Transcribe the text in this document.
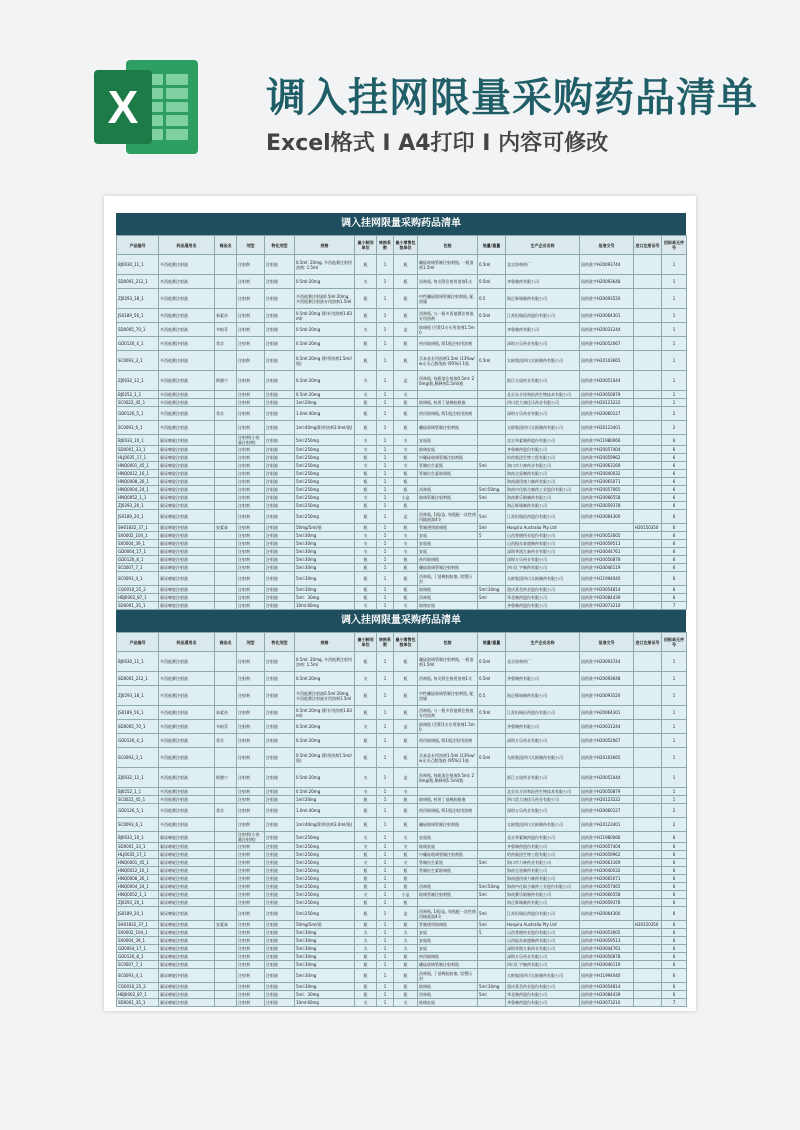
X	调入挂网限量采购药品清单
Excel格式 I A4打印 I 内容可修改
调入挂网限量采购药品清单
产品编号	药品通用名	商品名	剂型	物化剂型	规格	最小制剂单位	转换系数	最小零售包装单位	包装	装量/重量	生产企业名称	批准文号	进口注册证号	招标单元序号
BJ0030_11_1	多西他赛注射液		注射剂	注射液	0.5ml: 20mg, 多西他赛注射用溶剂: 1.5ml	瓶	1	瓶	硼硅玻璃管制注射剂瓶, 一瓶溶剂1.5ml	0.5ml	北京协和药厂	国药准字H20093744		1
SD0001_212_1	多西他赛注射液		注射剂	注射液	0.5ml:20mg	支	1	瓶	西林瓶, 每支附注射用溶剂1支	0.5ml	齐鲁制药有限公司	国药准字H20093648		1
ZJ0293_18_1	多西他赛注射液		注射剂	注射液	多西他赛注射液0.5ml:20mg,多西他赛注射液专用溶剂1.5ml	瓶	1	瓶	中性硼硅玻璃管制注射剂瓶, 配溶媒	0.5	海正辉瑞制药有限公司	国药准字H20093520		1
JS0189_56_1	多西他赛注射液	泰素帝	注射剂	注射液	0.5ml:20mg (附专用溶剂1.83ml)	瓶	1	瓶	西林瓶, 与一瓶多西他赛注射液专用溶剂	0.5ml	江苏恒瑞医药股份有限公司	国药准字H20064301		1
SD0005_70_1	多西他赛注射液	多帕菲	注射剂	注射液	0.5ml:20mg	支	1	盒	玻璃瓶 (另附1支专用溶剂1.5ml)		齐鲁制药有限公司	国药准字H20031244		1
GD0126_4_1	多西他赛注射液	希存	注射剂	注射液	0.5ml:20mg	瓶	1	瓶	药用玻璃瓶, 附1瓶注射用溶剂		深圳万乐药业有限公司	国药准字H20052067		1
SC0093_3_1	多西他赛注射液		注射剂	注射液	0.5ml:20mg (附带溶剂1.5ml/瓶)	瓶	1	瓶	含本品专用溶剂1.5ml (13%w/w无水乙醇溶液 (95%)) 1瓶	0.5ml	太极集团四川太极制药有限公司	国药准字H20103665		1
ZJ0032_12_1	多西他赛注射液	斯德宁	注射剂	注射液	0.5ml:20mg	支	1	盒	西林瓶, 每瓶溶注射液0.5ml: 20mg/瓶,稀释剂1.5ml/瓶		浙江万晟药业有限公司	国药准字H20051044		1
BJ0252_1_1	多西他赛注射液		注射剂	注射液	0.5ml:20mg	支	1	支			北京东方协和医药生物技术有限公司	国药准字H20050879		1
SC0022_45_1	多西他赛注射液		注射剂	注射液	1ml:20mg	瓶	1	瓶	玻璃瓶, 药用丁基橡胶瓶塞		四川美大康佳乐药业有限公司	国药准字H20123222		1
GD0126_5_1	多西他赛注射液	希存	注射剂	注射液	1.0ml:40mg	瓶	1	瓶	药用玻璃瓶, 附1瓶注射用溶剂		深圳万乐药业有限公司	国药准字H20060127		2
SC0093_6_1	多西他赛注射液		注射剂	注射液	1ml:40mg(附带溶剂3.0ml/瓶)	瓶	1	瓶	硼硅玻璃管制注射剂瓶		太极集团四川太极制药有限公司	国药准字H20123401		2
BJ0033_10_1	氟尿嘧啶注射液		注射剂(小容量注射剂)	注射液	5ml:250mg	支	1	支	安瓿瓶		北京华素制药股份有限公司	国药准字H11980066		6
SD0001_33_1	氟尿嘧啶注射液		注射剂	注射液	5ml:250mg	支	1	支	玻璃安瓿		齐鲁制药股份有限公司	国药准字H20057404		6
HLJ0035_17_1	氟尿嘧啶注射液		注射剂	注射液	5ml:250mg	瓶	1	瓶	中硼硅玻璃管制注射剂瓶		哈药集团生物工程有限公司	国药准字H20059962		6
HNQ0001_45_1	氟尿嘧啶注射液		注射剂	注射液	5ml:250mg	支	1	支	管制抗生素瓶	5ml	海口市力神药业有限公司	国药准字H20063169		6
HNQ0012_16_1	氟尿嘧啶注射液		注射剂	注射液	5ml:250mg	瓶	1	瓶	管制抗生素玻璃瓶		海南全星制药有限公司	国药准字H20040032		6
HNQ0008_26_1	氟尿嘧啶注射液		注射剂	注射液	5ml:250mg	瓶	1	瓶			海南通用康力制药有限公司	国药准字H20065071		6
HNQ0004_24_1	氟尿嘧啶注射液		注射剂	注射液	5ml:250mg	瓶	1	瓶	西林瓶	5ml:50mg	海南中化联合制药工业股份有限公司	国药准字H20057065		6
HNQ0052_1_1	氟尿嘧啶注射液		注射剂	注射液	5ml:250mg	支	1	小盒	玻璃管制注射剂瓶	5ml	海南赛乐敏制药有限公司	国药准字H20066558		6
ZJ0293_20_1	氟尿嘧啶注射液		注射剂	注射液	5ml:250mg	瓶	1	瓶			海正辉瑞制药有限公司	国药准字H20059378		6
JS0189_20_1	氟尿嘧啶注射液		注射剂	注射液	5ml:250mg	瓶	1	盒	西林瓶, 1瓶/盒, 每瓶配一次性使用输液器4支	5ml	江苏恒瑞医药股份有限公司	国药准字H20064300		6
SH01832_37_1	氟尿嘧啶注射液	安素泰	注射剂	注射液	50mg/5ml/瓶	瓶	1	瓶	管制透明玻璃瓶	5ml	Hospira Australia Pty Ltd		H20150350	6
SX0002_104_1	氟尿嘧啶注射液		注射剂	注射液	5ml:30mg	支	1	支	安瓿	5	山西普德药业股份有限公司	国药准字H20053005		6
SX0004_39_1	氟尿嘧啶注射液		注射剂	注射液	5ml:30mg	支	1	支	安瓿瓶		山西振东泰盛制药有限公司	国药准字H20059513		6
GD0064_17_1	氟尿嘧啶注射液		注射剂	注射液	5ml:30mg	支	1	支	安瓿		深圳华润九新药业有限公司	国药准字H20044761		6
GD0126_8_1	氟尿嘧啶注射液		注射剂	注射液	5ml:30mg	瓶	1	瓶	药用玻璃瓶		深圳万乐药业有限公司	国药准字H20056878		6
SC0007_7_1	氟尿嘧啶注射液		注射剂	注射液	5ml:30mg	瓶	1	瓶	硼硅玻璃管制注射剂瓶		四川汇宇制药有限公司	国药准字H20046119		6
SC0093_4_1	氟尿嘧啶注射液		注射剂	注射液	5ml:30mg	瓶	1	瓶	西林瓶, 丁基橡胶胶塞, 铝塑压封		太极集团四川太极制药有限公司	国药准字H11994040		6
CQ0010_25_2	氟尿嘧啶注射液		注射剂	注射液	5ml:30mg	瓶	1	瓶	玻璃瓶	5ml:30mg	重庆莱美药业股份有限公司	国药准字H20054814		6
HBJ0002_87_1	氟尿嘧啶注射液		注射剂	注射液	5ml：30mg	瓶	1	瓶	西林瓶	5ml	华北制药股份有限公司	国药准字H20084439		6
SD0001_35_1	氟尿嘧啶注射液		注射剂	注射液	10ml:60mg	支	1	支	玻璃安瓿		齐鲁制药股份有限公司	国药准字H20073210		7
调入挂网限量采购药品清单
产品编号	药品通用名	商品名	剂型	物化剂型	规格	最小制剂单位	转换系数	最小零售包装单位	包装	装量/重量	生产企业名称	批准文号	进口注册证号	招标单元序号
BJ0030_11_1	多西他赛注射液		注射剂	注射液	0.5ml: 20mg, 多西他赛注射用溶剂: 1.5ml	瓶	1	瓶	硼硅玻璃管制注射剂瓶, 一瓶溶剂1.5ml	0.5ml	北京协和药厂	国药准字H20093744		1
SD0001_212_1	多西他赛注射液		注射剂	注射液	0.5ml:20mg	支	1	瓶	西林瓶, 每支附注射用溶剂1支	0.5ml	齐鲁制药有限公司	国药准字H20093648		1
ZJ0293_18_1	多西他赛注射液		注射剂	注射液	多西他赛注射液0.5ml:20mg,多西他赛注射液专用溶剂1.5ml	瓶	1	瓶	中性硼硅玻璃管制注射剂瓶, 配溶媒	0.5	海正辉瑞制药有限公司	国药准字H20093520		1
JS0189_56_1	多西他赛注射液	泰素帝	注射剂	注射液	0.5ml:20mg (附专用溶剂1.83ml)	瓶	1	瓶	西林瓶, 与一瓶多西他赛注射液专用溶剂	0.5ml	江苏恒瑞医药股份有限公司	国药准字H20064301		1
SD0005_70_1	多西他赛注射液	多帕菲	注射剂	注射液	0.5ml:20mg	支	1	盒	玻璃瓶 (另附1支专用溶剂1.5ml)		齐鲁制药有限公司	国药准字H20031244		1
GD0126_4_1	多西他赛注射液	希存	注射剂	注射液	0.5ml:20mg	瓶	1	瓶	药用玻璃瓶, 附1瓶注射用溶剂		深圳万乐药业有限公司	国药准字H20052067		1
SC0093_3_1	多西他赛注射液		注射剂	注射液	0.5ml:20mg (附带溶剂1.5ml/瓶)	瓶	1	瓶	含本品专用溶剂1.5ml (13%w/w无水乙醇溶液 (95%)) 1瓶	0.5ml	太极集团四川太极制药有限公司	国药准字H20103665		1
ZJ0032_12_1	多西他赛注射液	斯德宁	注射剂	注射液	0.5ml:20mg	支	1	盒	西林瓶, 每瓶溶注射液0.5ml: 20mg/瓶,稀释剂1.5ml/瓶		浙江万晟药业有限公司	国药准字H20051044		1
BJ0252_1_1	多西他赛注射液		注射剂	注射液	0.5ml:20mg	支	1	支			北京东方协和医药生物技术有限公司	国药准字H20050879		1
SC0022_45_1	多西他赛注射液		注射剂	注射液	1ml:20mg	瓶	1	瓶	玻璃瓶, 药用丁基橡胶瓶塞		四川美大康佳乐药业有限公司	国药准字H20123222		1
GD0126_5_1	多西他赛注射液	希存	注射剂	注射液	1.0ml:40mg	瓶	1	瓶	药用玻璃瓶, 附1瓶注射用溶剂		深圳万乐药业有限公司	国药准字H20060127		2
SC0093_6_1	多西他赛注射液		注射剂	注射液	1ml:40mg(附带溶剂3.0ml/瓶)	瓶	1	瓶	硼硅玻璃管制注射剂瓶		太极集团四川太极制药有限公司	国药准字H20123401		2
BJ0033_10_1	氟尿嘧啶注射液		注射剂(小容量注射剂)	注射液	5ml:250mg	支	1	支	安瓿瓶		北京华素制药股份有限公司	国药准字H11980066		6
SD0001_33_1	氟尿嘧啶注射液		注射剂	注射液	5ml:250mg	支	1	支	玻璃安瓿		齐鲁制药股份有限公司	国药准字H20057404		6
HLJ0035_17_1	氟尿嘧啶注射液		注射剂	注射液	5ml:250mg	瓶	1	瓶	中硼硅玻璃管制注射剂瓶		哈药集团生物工程有限公司	国药准字H20059962		6
HNQ0001_45_1	氟尿嘧啶注射液		注射剂	注射液	5ml:250mg	支	1	支	管制抗生素瓶	5ml	海口市力神药业有限公司	国药准字H20063169		6
HNQ0012_16_1	氟尿嘧啶注射液		注射剂	注射液	5ml:250mg	瓶	1	瓶	管制抗生素玻璃瓶		海南全星制药有限公司	国药准字H20040032		6
HNQ0008_26_1	氟尿嘧啶注射液		注射剂	注射液	5ml:250mg	瓶	1	瓶			海南通用康力制药有限公司	国药准字H20065071		6
HNQ0004_24_1	氟尿嘧啶注射液		注射剂	注射液	5ml:250mg	瓶	1	瓶	西林瓶	5ml:50mg	海南中化联合制药工业股份有限公司	国药准字H20057065		6
HNQ0052_1_1	氟尿嘧啶注射液		注射剂	注射液	5ml:250mg	支	1	小盒	玻璃管制注射剂瓶	5ml	海南赛乐敏制药有限公司	国药准字H20066558		6
ZJ0293_20_1	氟尿嘧啶注射液		注射剂	注射液	5ml:250mg	瓶	1	瓶			海正辉瑞制药有限公司	国药准字H20059378		6
JS0189_20_1	氟尿嘧啶注射液		注射剂	注射液	5ml:250mg	瓶	1	盒	西林瓶, 1瓶/盒, 每瓶配一次性使用输液器4支	5ml	江苏恒瑞医药股份有限公司	国药准字H20064300		6
SH01832_37_1	氟尿嘧啶注射液	安素泰	注射剂	注射液	50mg/5ml/瓶	瓶	1	瓶	管制透明玻璃瓶	5ml	Hospira Australia Pty Ltd		H20150350	6
SX0002_104_1	氟尿嘧啶注射液		注射剂	注射液	5ml:30mg	支	1	支	安瓿	5	山西普德药业股份有限公司	国药准字H20053005		6
SX0004_39_1	氟尿嘧啶注射液		注射剂	注射液	5ml:30mg	支	1	支	安瓿瓶		山西振东泰盛制药有限公司	国药准字H20059513		6
GD0064_17_1	氟尿嘧啶注射液		注射剂	注射液	5ml:30mg	支	1	支	安瓿		深圳华润九新药业有限公司	国药准字H20044761		6
GD0126_8_1	氟尿嘧啶注射液		注射剂	注射液	5ml:30mg	瓶	1	瓶	药用玻璃瓶		深圳万乐药业有限公司	国药准字H20056878		6
SC0007_7_1	氟尿嘧啶注射液		注射剂	注射液	5ml:30mg	瓶	1	瓶	硼硅玻璃管制注射剂瓶		四川汇宇制药有限公司	国药准字H20046119		6
SC0093_4_1	氟尿嘧啶注射液		注射剂	注射液	5ml:30mg	瓶	1	瓶	西林瓶, 丁基橡胶胶塞, 铝塑压封		太极集团四川太极制药有限公司	国药准字H11994040		6
CQ0010_25_2	氟尿嘧啶注射液		注射剂	注射液	5ml:30mg	瓶	1	瓶	玻璃瓶	5ml:30mg	重庆莱美药业股份有限公司	国药准字H20054814		6
HBJ0002_87_1	氟尿嘧啶注射液		注射剂	注射液	5ml：30mg	瓶	1	瓶	西林瓶	5ml	华北制药股份有限公司	国药准字H20084439		6
SD0001_35_1	氟尿嘧啶注射液		注射剂	注射液	10ml:60mg	支	1	支	玻璃安瓿		齐鲁制药股份有限公司	国药准字H20073210		7
